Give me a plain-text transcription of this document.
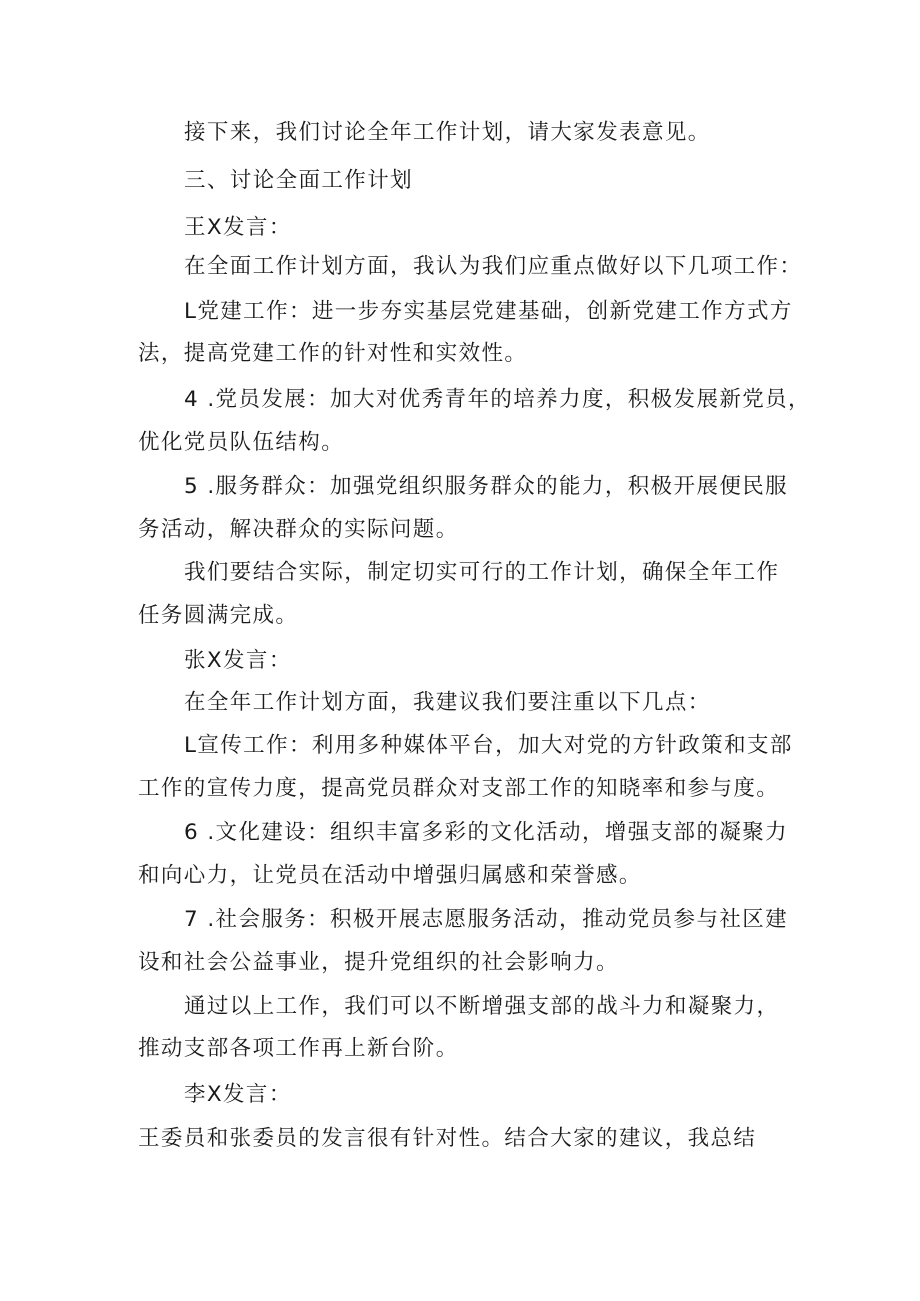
接下来，我们讨论全年工作计划，请大家发表意见。
三、讨论全面工作计划
王X发言：
在全面工作计划方面，我认为我们应重点做好以下几项工作：
L党建工作：进一步夯实基层党建基础，创新党建工作方式方
法，提高党建工作的针对性和实效性。
4 .党员发展：加大对优秀青年的培养力度，积极发展新党员，
优化党员队伍结构。
5 .服务群众：加强党组织服务群众的能力，积极开展便民服
务活动，解决群众的实际问题。
我们要结合实际，制定切实可行的工作计划，确保全年工作
任务圆满完成。
张X发言：
在全年工作计划方面，我建议我们要注重以下几点：
L宣传工作：利用多种媒体平台，加大对党的方针政策和支部
工作的宣传力度，提高党员群众对支部工作的知晓率和参与度。
6 .文化建设：组织丰富多彩的文化活动，增强支部的凝聚力
和向心力，让党员在活动中增强归属感和荣誉感。
7 .社会服务：积极开展志愿服务活动，推动党员参与社区建
设和社会公益事业，提升党组织的社会影响力。
通过以上工作，我们可以不断增强支部的战斗力和凝聚力，
推动支部各项工作再上新台阶。
李X发言：
王委员和张委员的发言很有针对性。结合大家的建议，我总结
